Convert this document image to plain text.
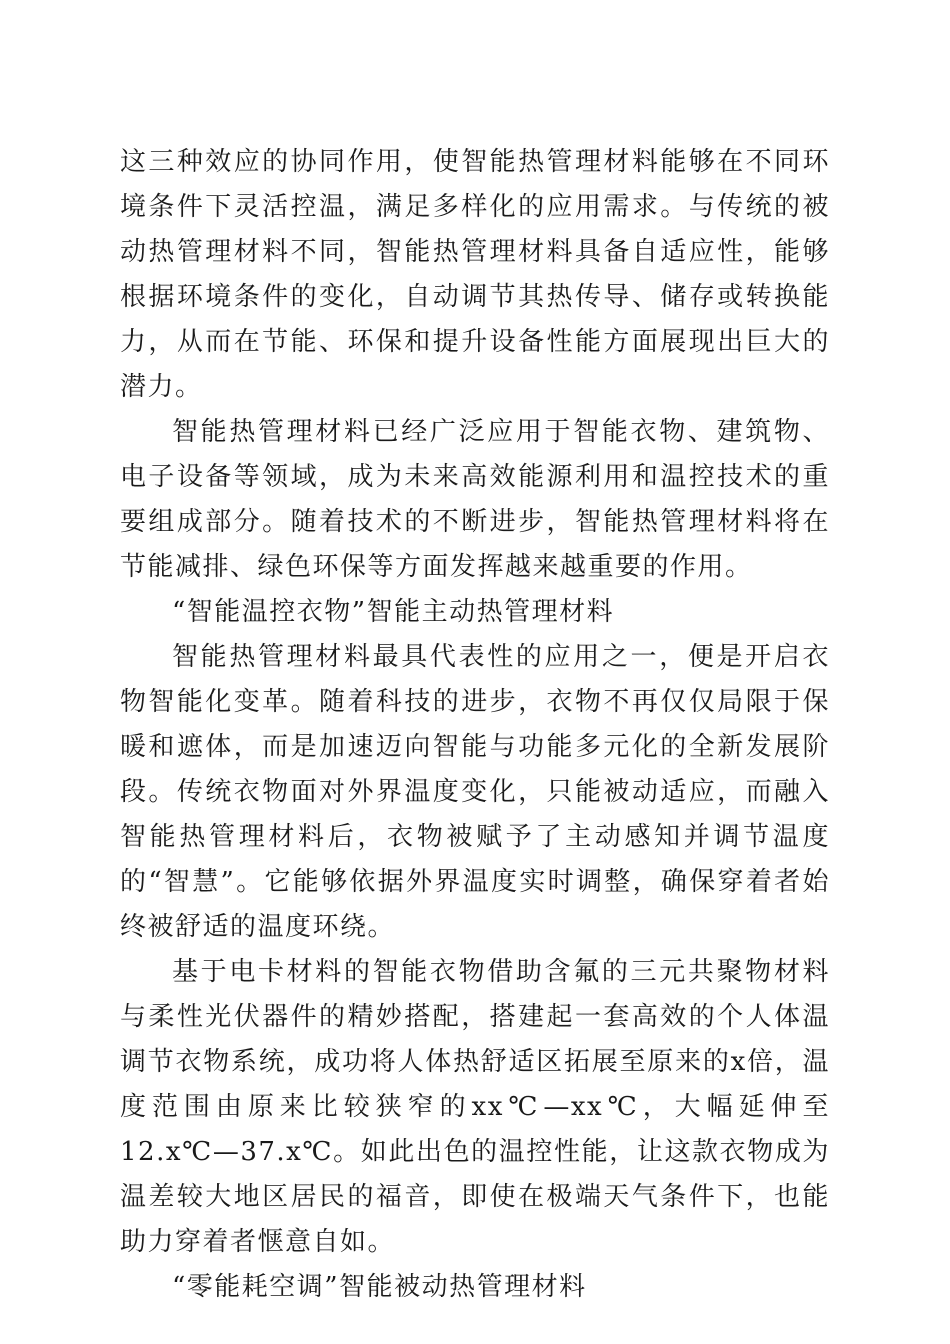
这三种效应的协同作用，使智能热管理材料能够在不同环境条件下灵活控温，满足多样化的应用需求。与传统的被动热管理材料不同，智能热管理材料具备自适应性，能够根据环境条件的变化，自动调节其热传导、储存或转换能力，从而在节能、环保和提升设备性能方面展现出巨大的潜力。

智能热管理材料已经广泛应用于智能衣物、建筑物、电子设备等领域，成为未来高效能源利用和温控技术的重要组成部分。随着技术的不断进步，智能热管理材料将在节能减排、绿色环保等方面发挥越来越重要的作用。

“智能温控衣物”智能主动热管理材料

智能热管理材料最具代表性的应用之一，便是开启衣物智能化变革。随着科技的进步，衣物不再仅仅局限于保暖和遮体，而是加速迈向智能与功能多元化的全新发展阶段。传统衣物面对外界温度变化，只能被动适应，而融入智能热管理材料后，衣物被赋予了主动感知并调节温度的“智慧”。它能够依据外界温度实时调整，确保穿着者始终被舒适的温度环绕。

基于电卡材料的智能衣物借助含氟的三元共聚物材料与柔性光伏器件的精妙搭配，搭建起一套高效的个人体温调节衣物系统，成功将人体热舒适区拓展至原来的x倍，温度范围由原来比较狭窄的xx℃—xx℃，大幅延伸至12.x℃—37.x℃。如此出色的温控性能，让这款衣物成为温差较大地区居民的福音，即使在极端天气条件下，也能助力穿着者惬意自如。

“零能耗空调”智能被动热管理材料
